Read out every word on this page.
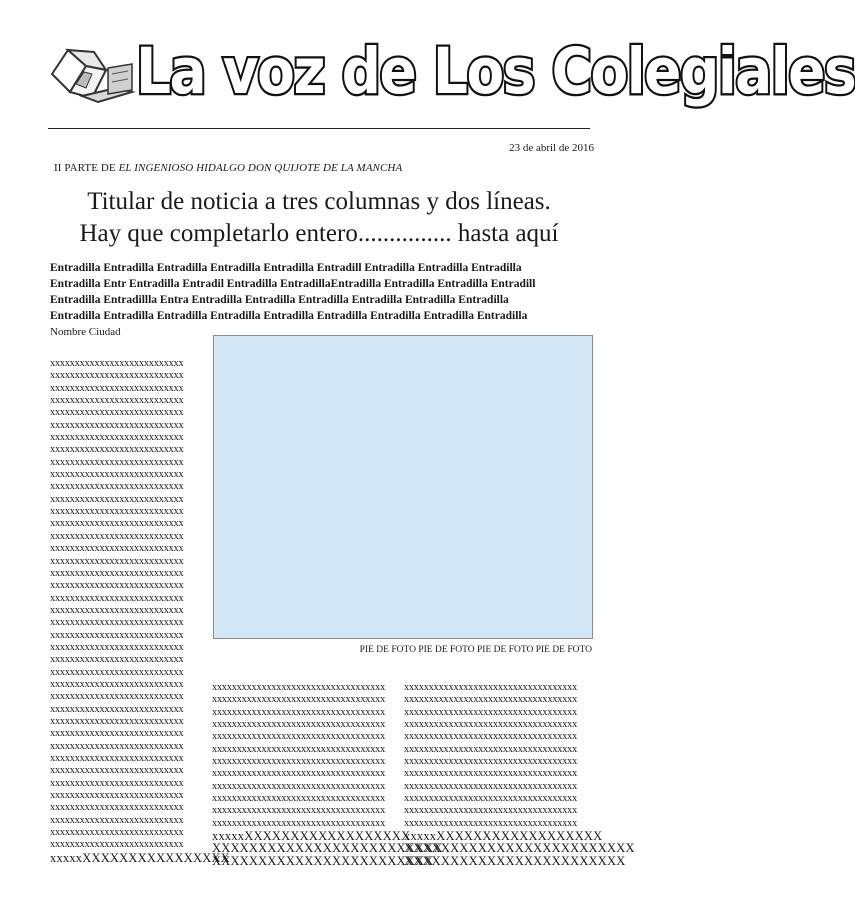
La voz de Los Colegiales
23 de abril de 2016
II PARTE DE EL INGENIOSO HIDALGO DON QUIJOTE DE LA MANCHA
Titular de noticia a tres columnas y dos líneas.
Hay que completarlo entero............... hasta aquí
Entradilla Entradilla Entradilla Entradilla Entradilla Entradill Entradilla Entradilla Entradilla
Entradilla Entr Entradilla Entradil Entradilla EntradillaEntradilla Entradilla Entradilla Entradill
Entradilla Entradillla Entra Entradilla Entradilla Entradilla Entradilla Entradilla Entradilla
Entradilla Entradilla Entradilla Entradilla Entradilla Entradilla Entradilla Entradilla Entradilla
Nombre Ciudad
xxxxxxxxxxxxxxxxxxxxxxxxxxx
xxxxxxxxxxxxxxxxxxxxxxxxxxx
xxxxxxxxxxxxxxxxxxxxxxxxxxx
xxxxxxxxxxxxxxxxxxxxxxxxxxx
xxxxxxxxxxxxxxxxxxxxxxxxxxx
xxxxxxxxxxxxxxxxxxxxxxxxxxx
xxxxxxxxxxxxxxxxxxxxxxxxxxx
xxxxxxxxxxxxxxxxxxxxxxxxxxx
xxxxxxxxxxxxxxxxxxxxxxxxxxx
xxxxxxxxxxxxxxxxxxxxxxxxxxx
xxxxxxxxxxxxxxxxxxxxxxxxxxx
xxxxxxxxxxxxxxxxxxxxxxxxxxx
xxxxxxxxxxxxxxxxxxxxxxxxxxx
xxxxxxxxxxxxxxxxxxxxxxxxxxx
xxxxxxxxxxxxxxxxxxxxxxxxxxx
xxxxxxxxxxxxxxxxxxxxxxxxxxx
xxxxxxxxxxxxxxxxxxxxxxxxxxx
xxxxxxxxxxxxxxxxxxxxxxxxxxx
xxxxxxxxxxxxxxxxxxxxxxxxxxx
xxxxxxxxxxxxxxxxxxxxxxxxxxx
xxxxxxxxxxxxxxxxxxxxxxxxxxx
xxxxxxxxxxxxxxxxxxxxxxxxxxx
xxxxxxxxxxxxxxxxxxxxxxxxxxx
xxxxxxxxxxxxxxxxxxxxxxxxxxx
xxxxxxxxxxxxxxxxxxxxxxxxxxx
xxxxxxxxxxxxxxxxxxxxxxxxxxx
xxxxxxxxxxxxxxxxxxxxxxxxxxx
xxxxxxxxxxxxxxxxxxxxxxxxxxx
xxxxxxxxxxxxxxxxxxxxxxxxxxx
xxxxxxxxxxxxxxxxxxxxxxxxxxx
xxxxxxxxxxxxxxxxxxxxxxxxxxx
xxxxxxxxxxxxxxxxxxxxxxxxxxx
xxxxxxxxxxxxxxxxxxxxxxxxxxx
xxxxxxxxxxxxxxxxxxxxxxxxxxx
xxxxxxxxxxxxxxxxxxxxxxxxxxx
xxxxxxxxxxxxxxxxxxxxxxxxxxx
xxxxxxxxxxxxxxxxxxxxxxxxxxx
xxxxxxxxxxxxxxxxxxxxxxxxxxx
xxxxxxxxxxxxxxxxxxxxxxxxxxx
xxxxxxxxxxxxxxxxxxxxxxxxxxx
xxxxxXXXXXXXXXXXXXXXX
PIE DE FOTO PIE DE FOTO PIE DE FOTO PIE DE FOTO
xxxxxxxxxxxxxxxxxxxxxxxxxxxxxxxxxxx
xxxxxxxxxxxxxxxxxxxxxxxxxxxxxxxxxxx
xxxxxxxxxxxxxxxxxxxxxxxxxxxxxxxxxxx
xxxxxxxxxxxxxxxxxxxxxxxxxxxxxxxxxxx
xxxxxxxxxxxxxxxxxxxxxxxxxxxxxxxxxxx
xxxxxxxxxxxxxxxxxxxxxxxxxxxxxxxxxxx
xxxxxxxxxxxxxxxxxxxxxxxxxxxxxxxxxxx
xxxxxxxxxxxxxxxxxxxxxxxxxxxxxxxxxxx
xxxxxxxxxxxxxxxxxxxxxxxxxxxxxxxxxxx
xxxxxxxxxxxxxxxxxxxxxxxxxxxxxxxxxxx
xxxxxxxxxxxxxxxxxxxxxxxxxxxxxxxxxxx
xxxxxxxxxxxxxxxxxxxxxxxxxxxxxxxxxxx
xxxxxXXXXXXXXXXXXXXXXXX
XXXXXXXXXXXXXXXXXXXXXXXXX
XXXXXXXXXXXXXXXXXXXXXXXX
xxxxxxxxxxxxxxxxxxxxxxxxxxxxxxxxxxx
xxxxxxxxxxxxxxxxxxxxxxxxxxxxxxxxxxx
xxxxxxxxxxxxxxxxxxxxxxxxxxxxxxxxxxx
xxxxxxxxxxxxxxxxxxxxxxxxxxxxxxxxxxx
xxxxxxxxxxxxxxxxxxxxxxxxxxxxxxxxxxx
xxxxxxxxxxxxxxxxxxxxxxxxxxxxxxxxxxx
xxxxxxxxxxxxxxxxxxxxxxxxxxxxxxxxxxx
xxxxxxxxxxxxxxxxxxxxxxxxxxxxxxxxxxx
xxxxxxxxxxxxxxxxxxxxxxxxxxxxxxxxxxx
xxxxxxxxxxxxxxxxxxxxxxxxxxxxxxxxxxx
xxxxxxxxxxxxxxxxxxxxxxxxxxxxxxxxxxx
xxxxxxxxxxxxxxxxxxxxxxxxxxxxxxxxxxx
xxxxxXXXXXXXXXXXXXXXXXX
XXXXXXXXXXXXXXXXXXXXXXXXX
XXXXXXXXXXXXXXXXXXXXXXXX
